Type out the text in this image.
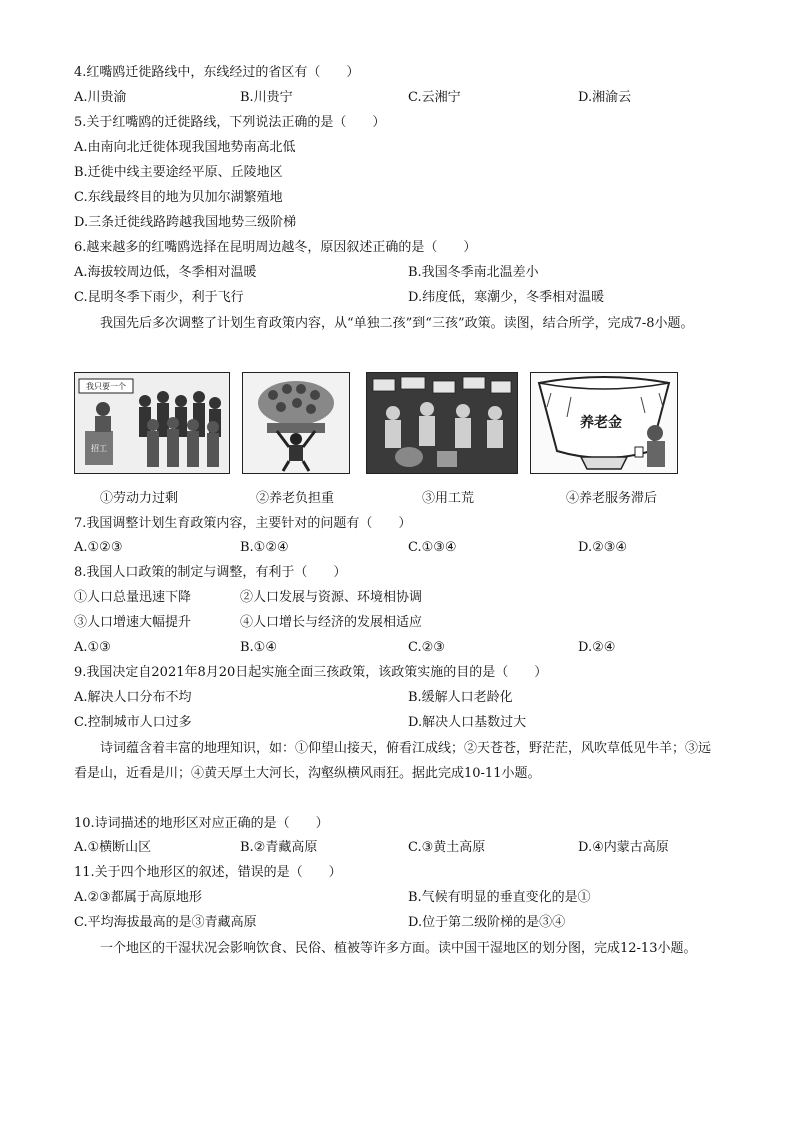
4.红嘴鸥迁徙路线中，东线经过的省区有（　　）
A.川贵渝	B.川贵宁	C.云湘宁	D.湘渝云
5.关于红嘴鸥的迁徙路线，下列说法正确的是（　　）
A.由南向北迁徙体现我国地势南高北低
B.迁徙中线主要途经平原、丘陵地区
C.东线最终目的地为贝加尔湖繁殖地
D.三条迁徙线路跨越我国地势三级阶梯
6.越来越多的红嘴鸥选择在昆明周边越冬，原因叙述正确的是（　　）
A.海拔较周边低，冬季相对温暖	B.我国冬季南北温差小
C.昆明冬季下雨少，利于飞行	D.纬度低，寒潮少，冬季相对温暖
我国先后多次调整了计划生育政策内容，从“单独二孩”到“三孩”政策。读图，结合所学，完成7-8小题。
我只要一个
招工
养老金
①劳动力过剩	②养老负担重	③用工荒	④养老服务滞后
7.我国调整计划生育政策内容，主要针对的问题有（　　）
A.①②③	B.①②④	C.①③④	D.②③④
8.我国人口政策的制定与调整，有利于（　　）
①人口总量迅速下降	②人口发展与资源、环境相协调
③人口增速大幅提升	④人口增长与经济的发展相适应
A.①③	B.①④	C.②③	D.②④
9.我国决定自2021年8月20日起实施全面三孩政策，该政策实施的目的是（　　）
A.解决人口分布不均	B.缓解人口老龄化
C.控制城市人口过多	D.解决人口基数过大
诗词蕴含着丰富的地理知识，如：①仰望山接天，俯看江成线；②天苍苍，野茫茫，风吹草低见牛羊；③远看是山，近看是川；④黄天厚土大河长，沟壑纵横风雨狂。据此完成10-11小题。
10.诗词描述的地形区对应正确的是（　　）
A.①横断山区	B.②青藏高原	C.③黄土高原	D.④内蒙古高原
11.关于四个地形区的叙述，错误的是（　　）
A.②③都属于高原地形	B.气候有明显的垂直变化的是①
C.平均海拔最高的是③青藏高原	D.位于第二级阶梯的是③④
一个地区的干湿状况会影响饮食、民俗、植被等许多方面。读中国干湿地区的划分图，完成12-13小题。
